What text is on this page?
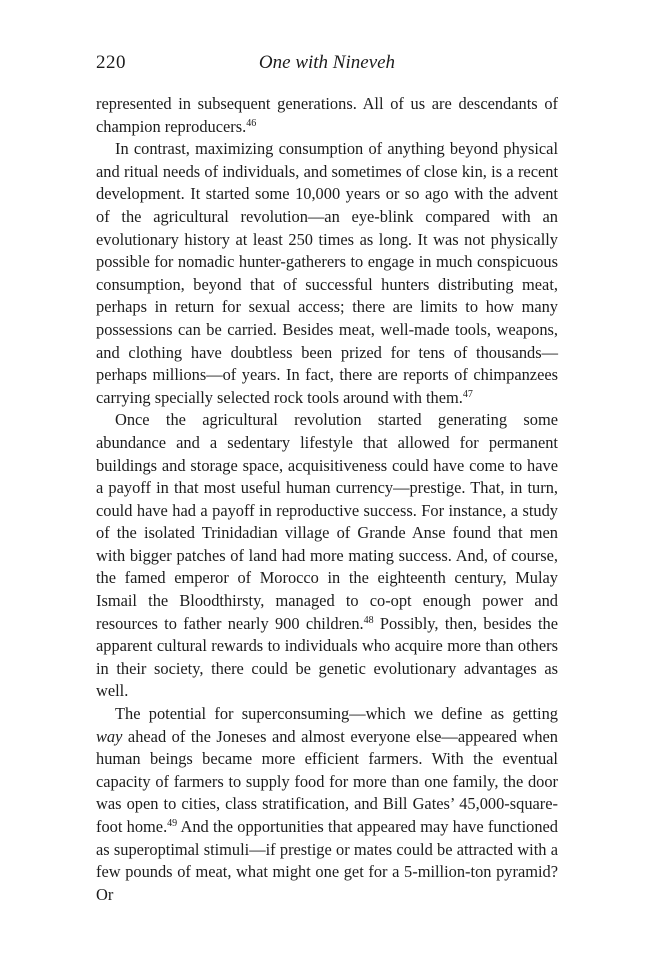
220	One with Nineveh

represented in subsequent generations. All of us are descendants of champion reproducers.$^{46}$

In contrast, maximizing consumption of anything beyond physical and ritual needs of individuals, and sometimes of close kin, is a recent development. It started some 10,000 years or so ago with the advent of the agricultural revolution—an eye-blink compared with an evolutionary history at least 250 times as long. It was not physically possible for nomadic hunter-gatherers to engage in much conspicuous consumption, beyond that of successful hunters distributing meat, perhaps in return for sexual access; there are limits to how many possessions can be carried. Besides meat, well-made tools, weapons, and clothing have doubtless been prized for tens of thousands—perhaps millions—of years. In fact, there are reports of chimpanzees carrying specially selected rock tools around with them.$^{47}$

Once the agricultural revolution started generating some abundance and a sedentary lifestyle that allowed for permanent buildings and storage space, acquisitiveness could have come to have a payoff in that most useful human currency—prestige. That, in turn, could have had a payoff in reproductive success. For instance, a study of the isolated Trinidadian village of Grande Anse found that men with bigger patches of land had more mating success. And, of course, the famed emperor of Morocco in the eighteenth century, Mulay Ismail the Bloodthirsty, managed to co-opt enough power and resources to father nearly 900 children.$^{48}$ Possibly, then, besides the apparent cultural rewards to individuals who acquire more than others in their society, there could be genetic evolutionary advantages as well.

The potential for superconsuming—which we define as getting way ahead of the Joneses and almost everyone else—appeared when human beings became more efficient farmers. With the eventual capacity of farmers to supply food for more than one family, the door was open to cities, class stratification, and Bill Gates’ 45,000-square-foot home.$^{49}$ And the opportunities that appeared may have functioned as superoptimal stimuli—if prestige or mates could be attracted with a few pounds of meat, what might one get for a 5-million-ton pyramid? Or
